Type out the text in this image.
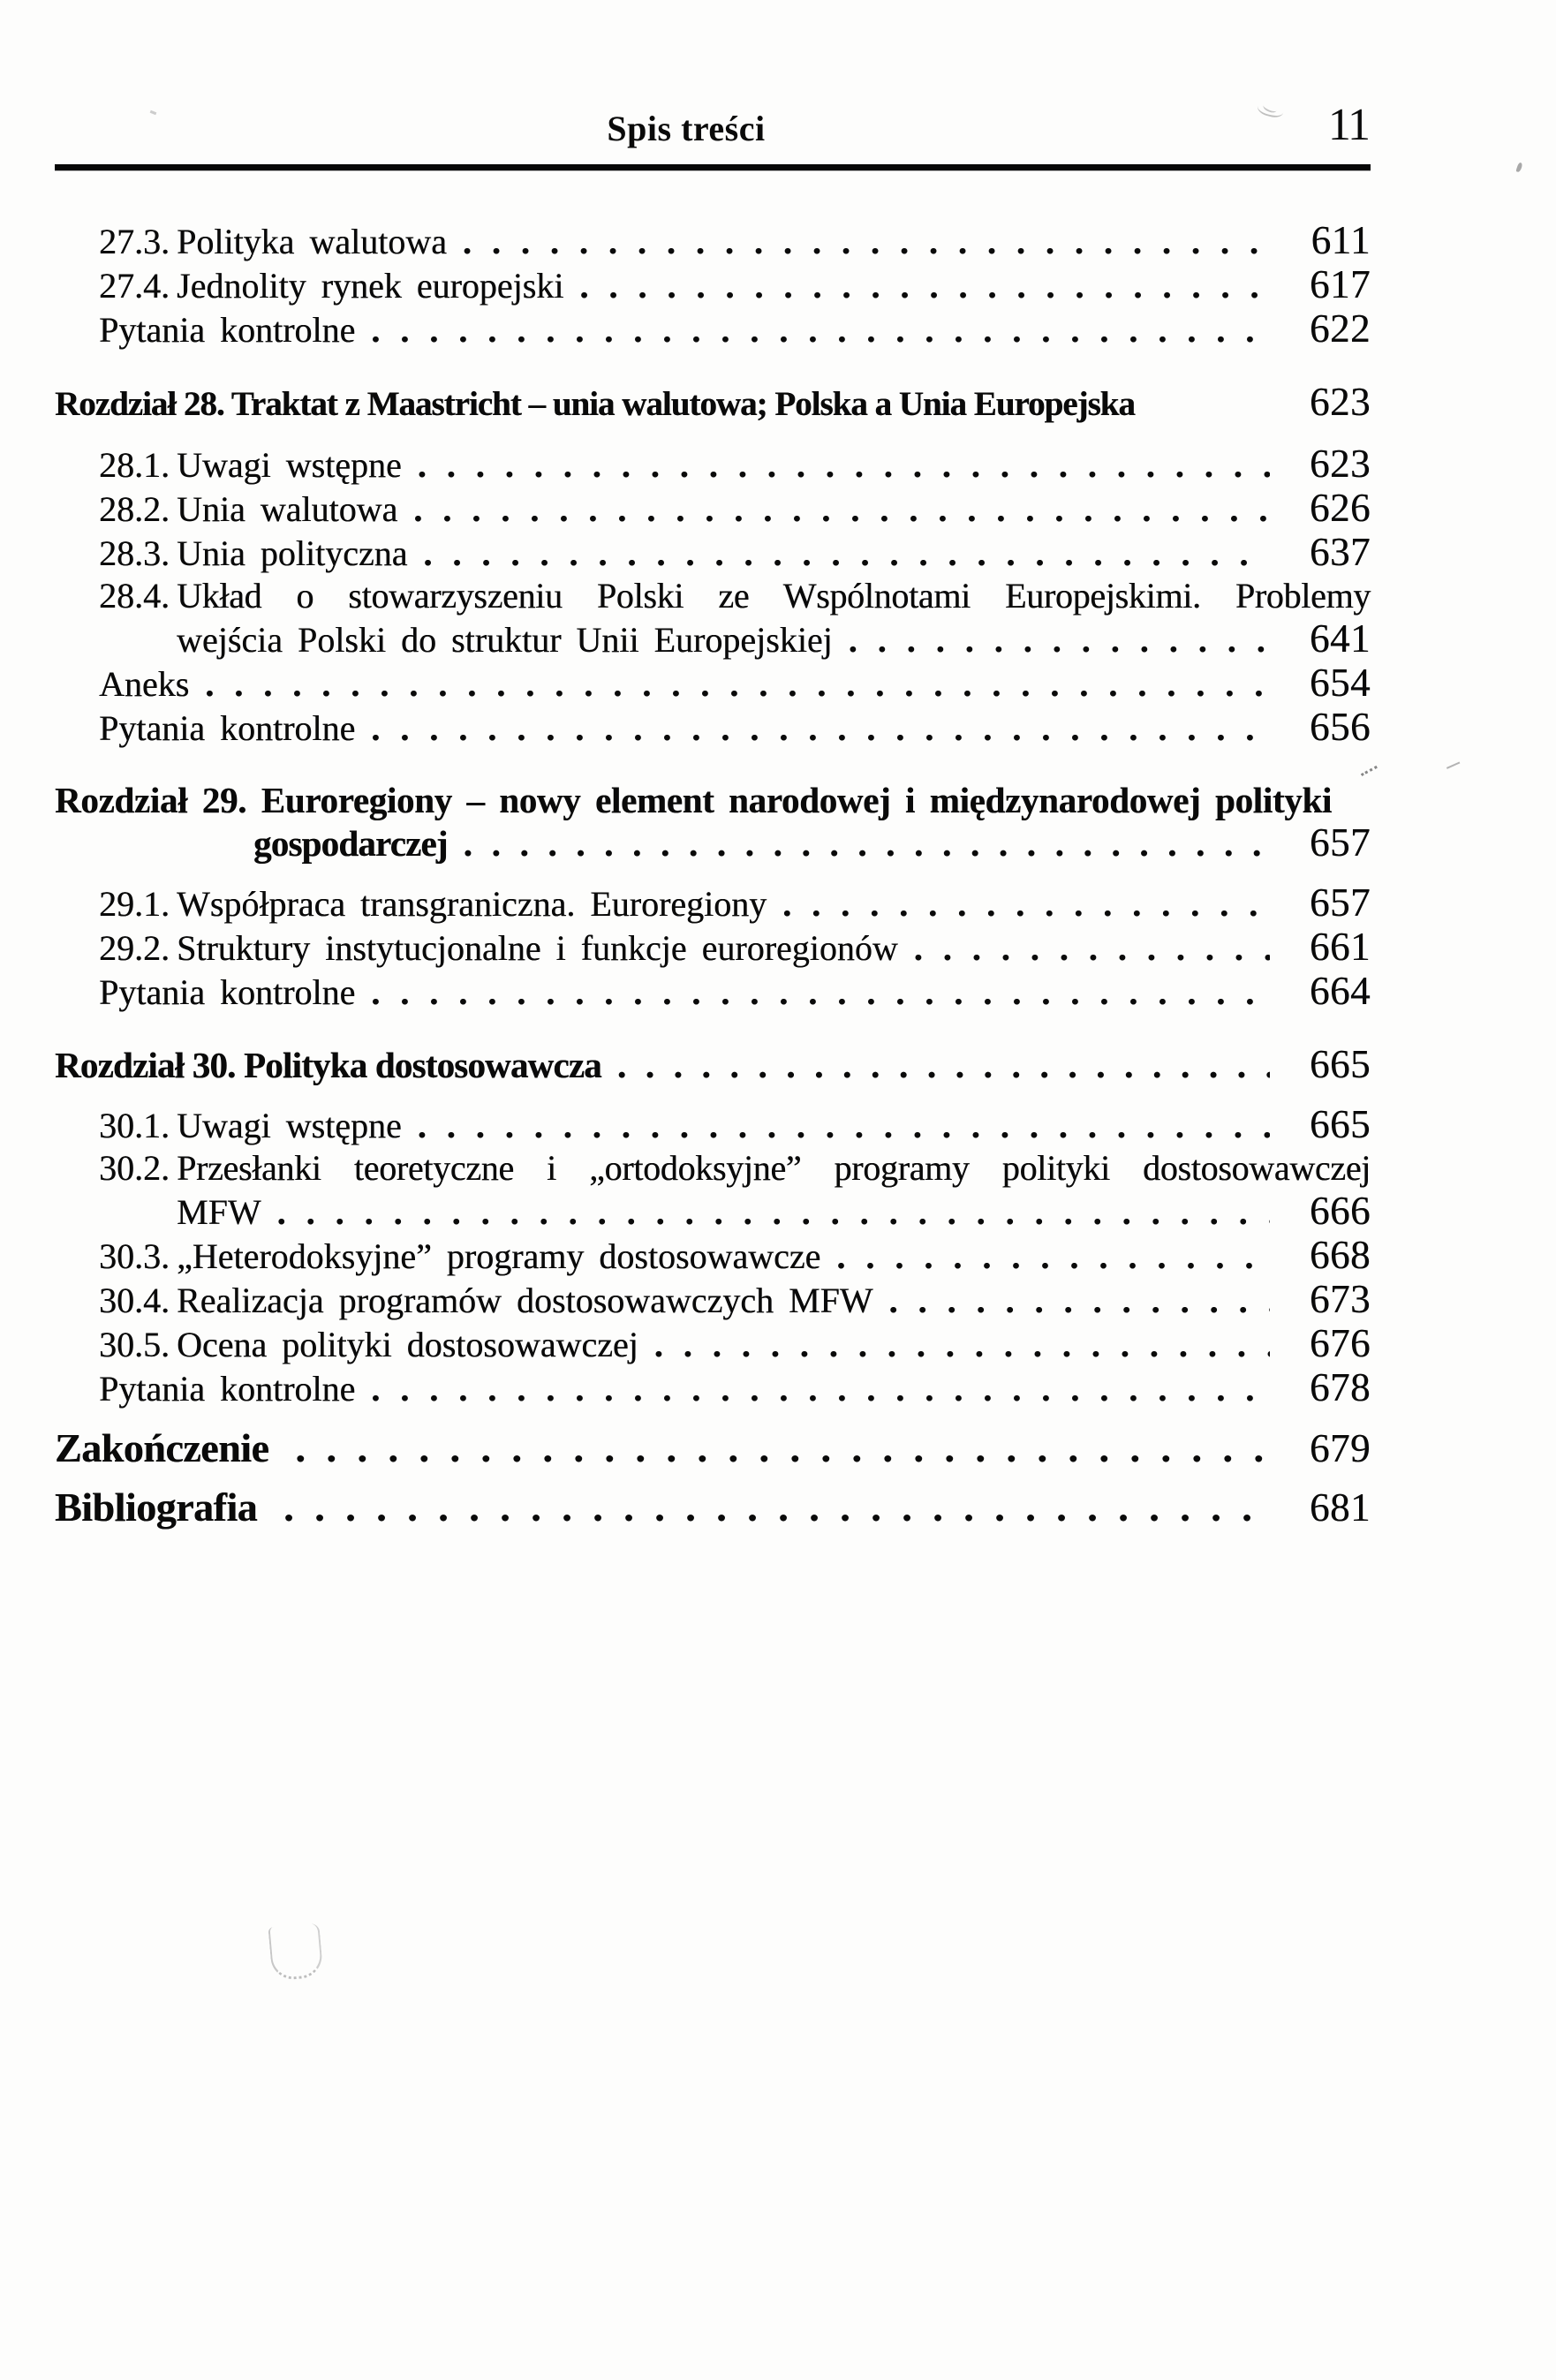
Spis treści	11
27.3. Polityka walutowa . . .	611
27.4. Jednolity rynek europejski . . .	617
Pytania kontrolne . . .	622
Rozdział 28. Traktat z Maastricht – unia walutowa; Polska a Unia Europejska	623
28.1. Uwagi wstępne . . .	623
28.2. Unia walutowa . . .	626
28.3. Unia polityczna . . .	637
28.4. Układ o stowarzyszeniu Polski ze Wspólnotami Europejskimi. Problemy
wejścia Polski do struktur Unii Europejskiej . . .	641
Aneks . . .	654
Pytania kontrolne . . .	656
Rozdział 29. Euroregiony – nowy element narodowej i międzynarodowej polityki
gospodarczej . . .	657
29.1. Współpraca transgraniczna. Euroregiony . . .	657
29.2. Struktury instytucjonalne i funkcje euroregionów . . .	661
Pytania kontrolne . . .	664
Rozdział 30. Polityka dostosowawcza . . .	665
30.1. Uwagi wstępne . . .	665
30.2. Przesłanki teoretyczne i „ortodoksyjne” programy polityki dostosowawczej
MFW . . .	666
30.3. „Heterodoksyjne” programy dostosowawcze . . .	668
30.4. Realizacja programów dostosowawczych MFW . . .	673
30.5. Ocena polityki dostosowawczej . . .	676
Pytania kontrolne . . .	678
Zakończenie . . .	679
Bibliografia . . .	681
